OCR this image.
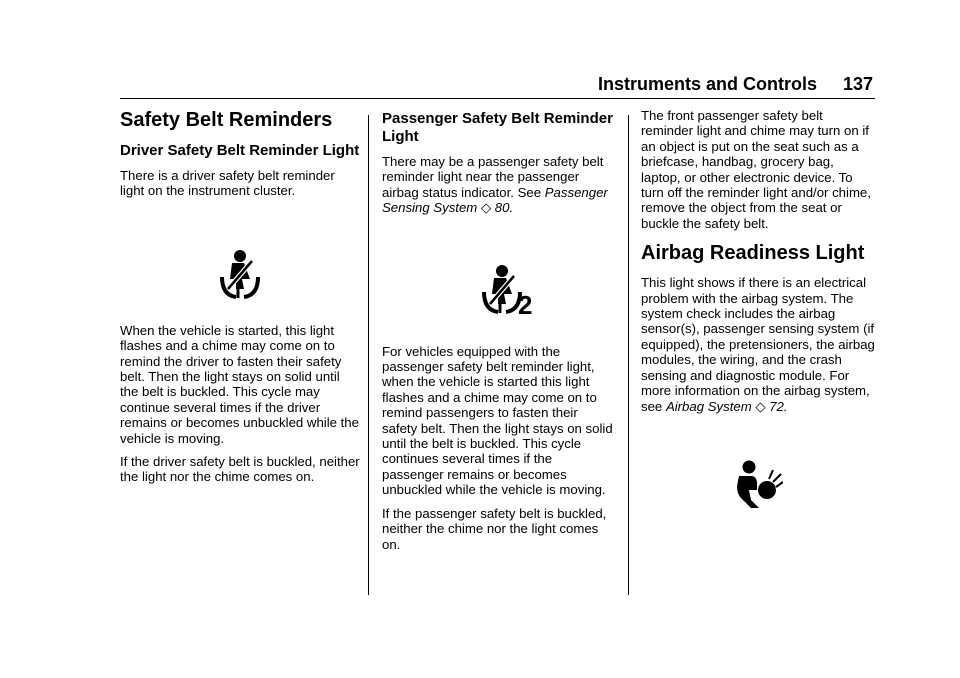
Instruments and Controls 137
Safety Belt Reminders
Driver Safety Belt Reminder Light

There is a driver safety belt reminder light on the instrument cluster.

When the vehicle is started, this light flashes and a chime may come on to remind the driver to fasten their safety belt. Then the light stays on solid until the belt is buckled. This cycle may continue several times if the driver remains or becomes unbuckled while the vehicle is moving.

If the driver safety belt is buckled, neither the light nor the chime comes on.

Passenger Safety Belt Reminder Light

There may be a passenger safety belt reminder light near the passenger airbag status indicator. See Passenger Sensing System ◇ 80.

2

For vehicles equipped with the passenger safety belt reminder light, when the vehicle is started this light flashes and a chime may come on to remind passengers to fasten their safety belt. Then the light stays on solid until the belt is buckled. This cycle continues several times if the passenger remains or becomes unbuckled while the vehicle is moving.

If the passenger safety belt is buckled, neither the chime nor the light comes on.

The front passenger safety belt reminder light and chime may turn on if an object is put on the seat such as a briefcase, handbag, grocery bag, laptop, or other electronic device. To turn off the reminder light and/or chime, remove the object from the seat or buckle the safety belt.

Airbag Readiness Light

This light shows if there is an electrical problem with the airbag system. The system check includes the airbag sensor(s), passenger sensing system (if equipped), the pretensioners, the airbag modules, the wiring, and the crash sensing and diagnostic module. For more information on the airbag system, see Airbag System ◇ 72.
